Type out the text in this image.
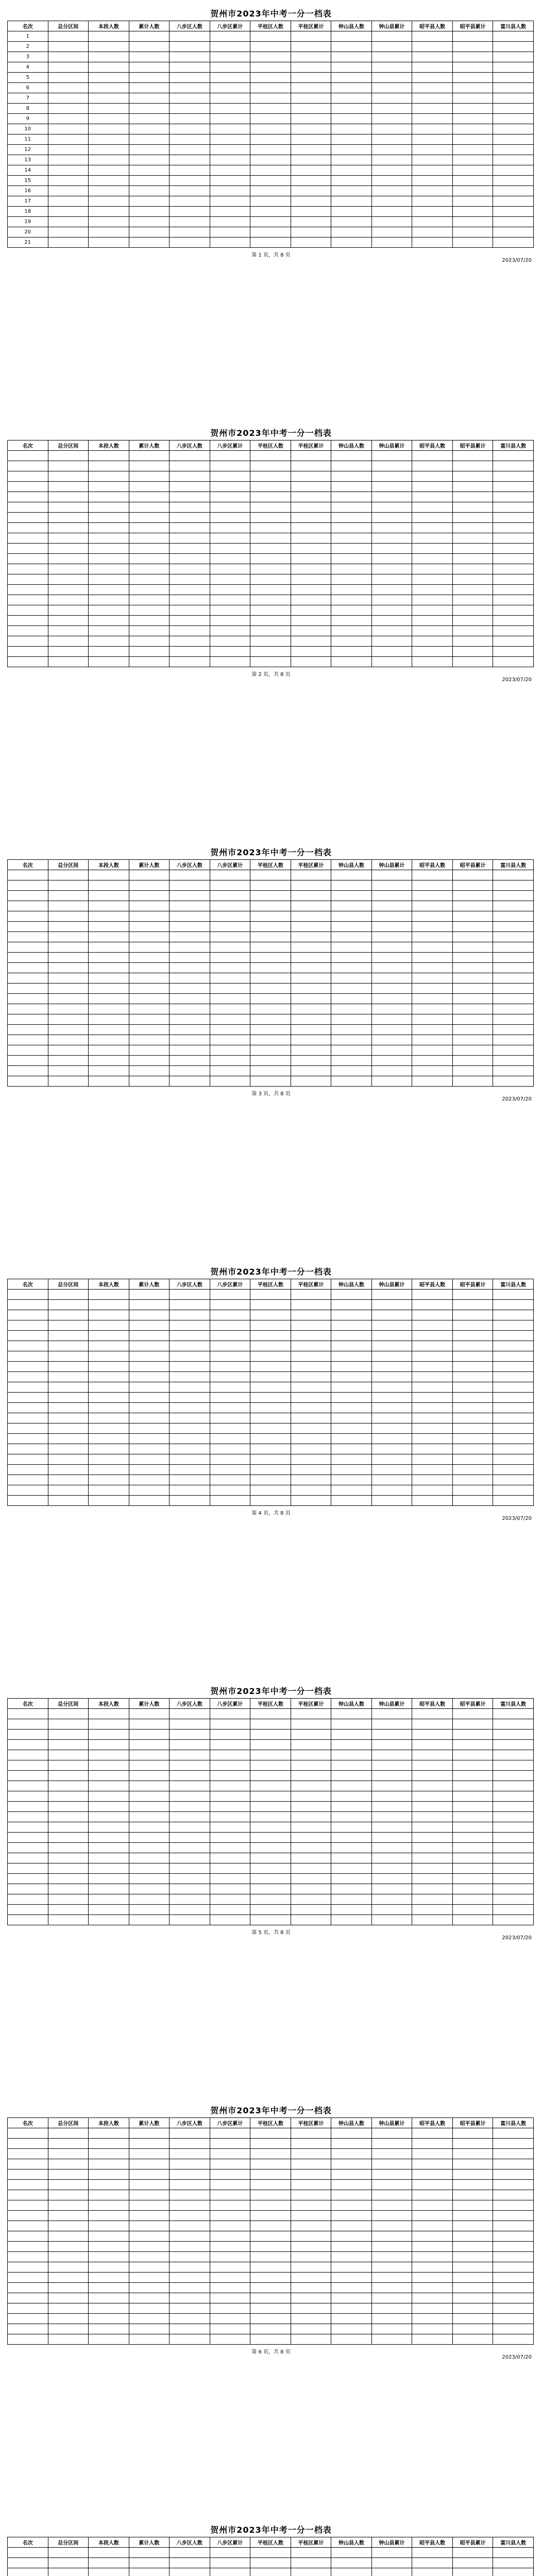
贺州市2023年中考一分一档表
名次	总分区间	本段人数	累计人数	八步区人数	八步区累计	平桂区人数	平桂区累计	钟山县人数	钟山县累计	昭平县人数	昭平县累计	富川县人数
1												
2												
3												
4												
5												
6												
7												
8												
9												
10												
11												
12												
13												
14												
15												
16												
17												
18												
19												
20												
21												
第 1 页，共 8 页
2023/07/20
贺州市2023年中考一分一档表
名次	总分区间	本段人数	累计人数	八步区人数	八步区累计	平桂区人数	平桂区累计	钟山县人数	钟山县累计	昭平县人数	昭平县累计	富川县人数

第 2 页，共 8 页
2023/07/20
贺州市2023年中考一分一档表
名次	总分区间	本段人数	累计人数	八步区人数	八步区累计	平桂区人数	平桂区累计	钟山县人数	钟山县累计	昭平县人数	昭平县累计	富川县人数

第 3 页，共 8 页
2023/07/20
贺州市2023年中考一分一档表
名次	总分区间	本段人数	累计人数	八步区人数	八步区累计	平桂区人数	平桂区累计	钟山县人数	钟山县累计	昭平县人数	昭平县累计	富川县人数

第 4 页，共 8 页
2023/07/20
贺州市2023年中考一分一档表
名次	总分区间	本段人数	累计人数	八步区人数	八步区累计	平桂区人数	平桂区累计	钟山县人数	钟山县累计	昭平县人数	昭平县累计	富川县人数

第 5 页，共 8 页
2023/07/20
贺州市2023年中考一分一档表
名次	总分区间	本段人数	累计人数	八步区人数	八步区累计	平桂区人数	平桂区累计	钟山县人数	钟山县累计	昭平县人数	昭平县累计	富川县人数

第 6 页，共 8 页
2023/07/20
贺州市2023年中考一分一档表
名次	总分区间	本段人数	累计人数	八步区人数	八步区累计	平桂区人数	平桂区累计	钟山县人数	钟山县累计	昭平县人数	昭平县累计	富川县人数
